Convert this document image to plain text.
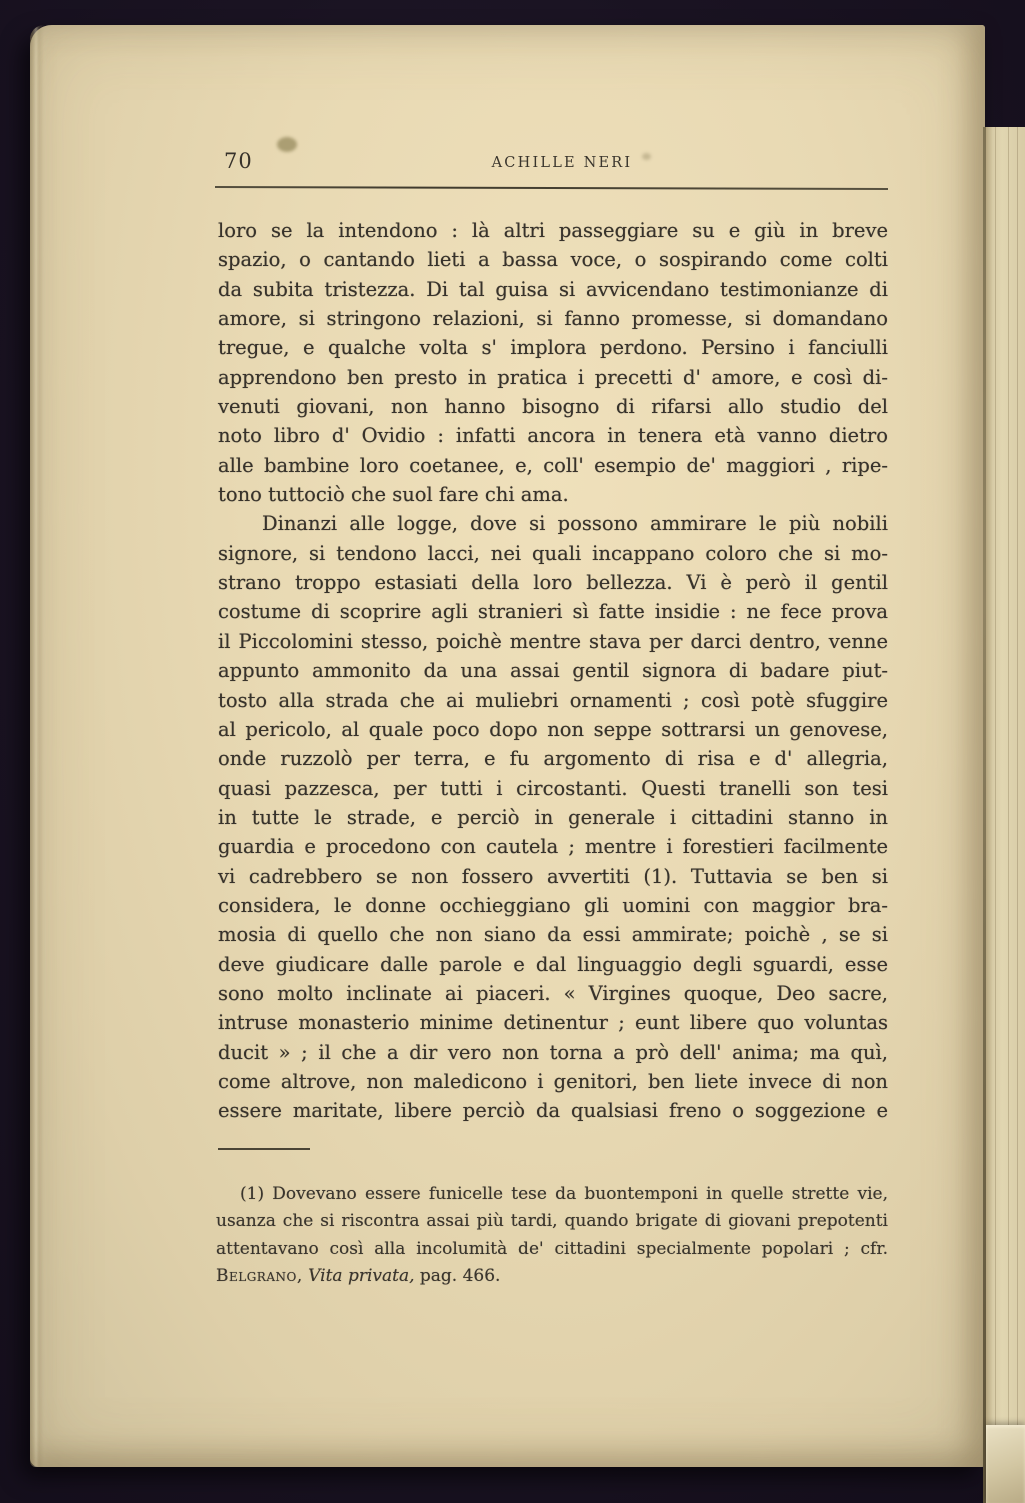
70	ACHILLE NERI
loro se la intendono : là altri passeggiare su e giù in breve
spazio, o cantando lieti a bassa voce, o sospirando come colti
da subita tristezza. Di tal guisa si avvicendano testimonianze di
amore, si stringono relazioni, si fanno promesse, si domandano
tregue, e qualche volta s' implora perdono. Persino i fanciulli
apprendono ben presto in pratica i precetti d' amore, e così di-
venuti giovani, non hanno bisogno di rifarsi allo studio del
noto libro d' Ovidio : infatti ancora in tenera età vanno dietro
alle bambine loro coetanee, e, coll' esempio de' maggiori , ripe-
tono tuttociò che suol fare chi ama.
Dinanzi alle logge, dove si possono ammirare le più nobili
signore, si tendono lacci, nei quali incappano coloro che si mo-
strano troppo estasiati della loro bellezza. Vi è però il gentil
costume di scoprire agli stranieri sì fatte insidie : ne fece prova
il Piccolomini stesso, poichè mentre stava per darci dentro, venne
appunto ammonito da una assai gentil signora di badare piut-
tosto alla strada che ai muliebri ornamenti ; così potè sfuggire
al pericolo, al quale poco dopo non seppe sottrarsi un genovese,
onde ruzzolò per terra, e fu argomento di risa e d' allegria,
quasi pazzesca, per tutti i circostanti. Questi tranelli son tesi
in tutte le strade, e perciò in generale i cittadini stanno in
guardia e procedono con cautela ; mentre i forestieri facilmente
vi cadrebbero se non fossero avvertiti (1). Tuttavia se ben si
considera, le donne occhieggiano gli uomini con maggior bra-
mosia di quello che non siano da essi ammirate; poichè , se si
deve giudicare dalle parole e dal linguaggio degli sguardi, esse
sono molto inclinate ai piaceri. « Virgines quoque, Deo sacre,
intruse monasterio minime detinentur ; eunt libere quo voluntas
ducit » ; il che a dir vero non torna a prò dell' anima; ma quì,
come altrove, non maledicono i genitori, ben liete invece di non
essere maritate, libere perciò da qualsiasi freno o soggezione e
(1) Dovevano essere funicelle tese da buontemponi in quelle strette vie,
usanza che si riscontra assai più tardi, quando brigate di giovani prepotenti
attentavano così alla incolumità de' cittadini specialmente popolari ; cfr.
Belgrano, Vita privata, pag. 466.
